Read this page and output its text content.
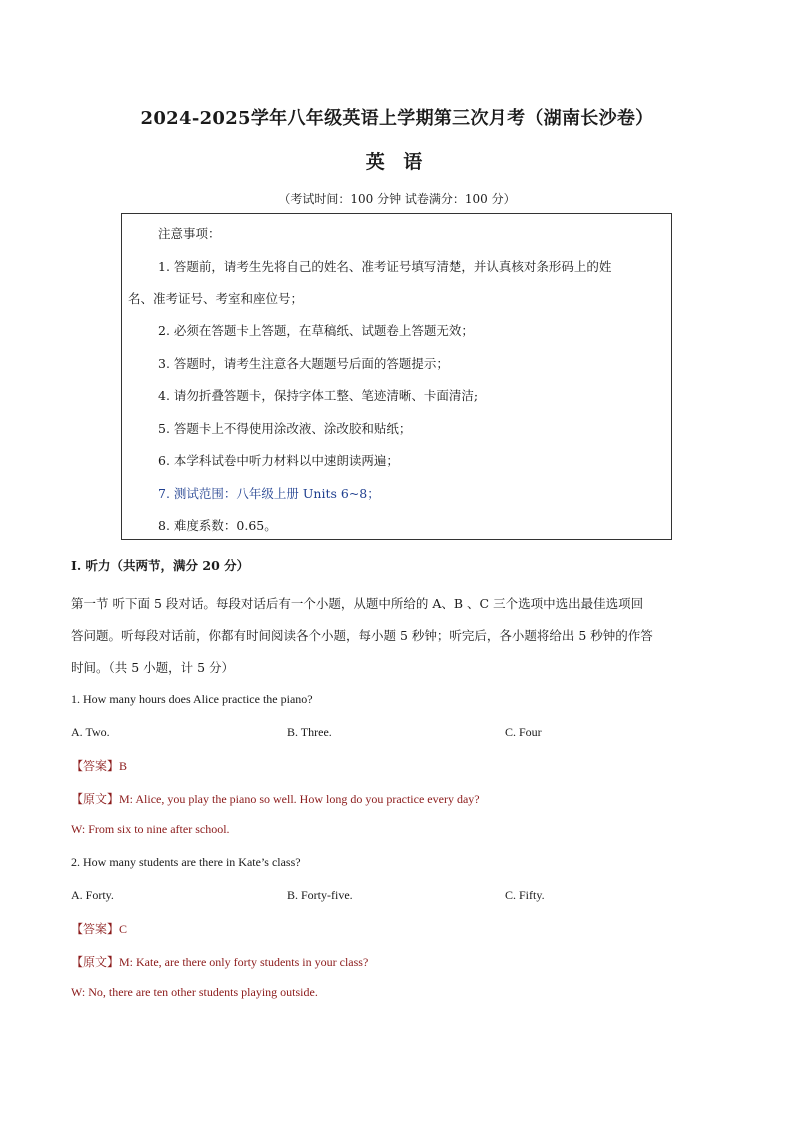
2024-2025学年八年级英语上学期第三次月考（湖南长沙卷）
英 语
（考试时间：100 分钟 试卷满分：100 分）
注意事项：
1. 答题前，请考生先将自己的姓名、准考证号填写清楚，并认真核对条形码上的姓
名、准考证号、考室和座位号；
2. 必须在答题卡上答题，在草稿纸、试题卷上答题无效；
3. 答题时，请考生注意各大题题号后面的答题提示；
4. 请勿折叠答题卡，保持字体工整、笔迹清晰、卡面清洁;
5. 答题卡上不得使用涂改液、涂改胶和贴纸；
6. 本学科试卷中听力材料以中速朗读两遍；
7. 测试范围：八年级上册 Units 6~8；
8. 难度系数：0.65。
I. 听力（共两节，满分 20 分）
第一节 听下面 5 段对话。每段对话后有一个小题，从题中所给的 A、B 、C 三个选项中选出最佳选项回
答问题。听每段对话前，你都有时间阅读各个小题，每小题 5 秒钟；听完后，各小题将给出 5 秒钟的作答
时间。（共 5 小题，计 5 分）
1. How many hours does Alice practice the piano?
A. Two.	B. Three.	C. Four
【答案】B
【原文】M: Alice, you play the piano so well. How long do you practice every day?
W: From six to nine after school.
2. How many students are there in Kate’s class?
A. Forty.	B. Forty-five.	C. Fifty.
【答案】C
【原文】M: Kate, are there only forty students in your class?
W: No, there are ten other students playing outside.
